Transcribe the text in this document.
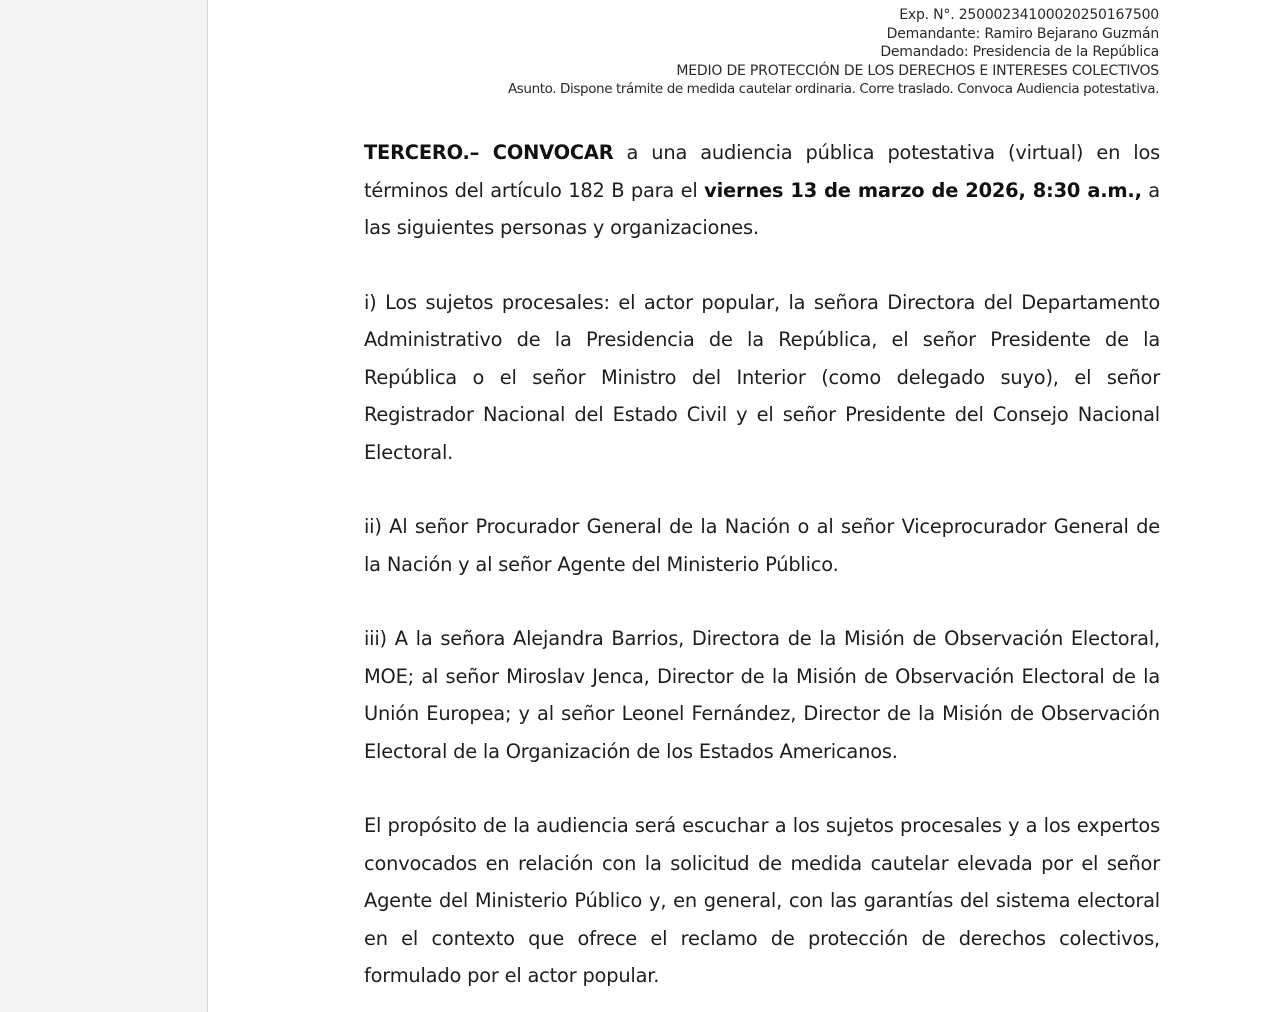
Exp. N°. 25000234100020250167500
Demandante: Ramiro Bejarano Guzmán
Demandado: Presidencia de la República
MEDIO DE PROTECCIÓN DE LOS DERECHOS E INTERESES COLECTIVOS
Asunto. Dispone trámite de medida cautelar ordinaria. Corre traslado. Convoca Audiencia potestativa.

TERCERO.– CONVOCAR a una audiencia pública potestativa (virtual) en los términos del artículo 182 B para el viernes 13 de marzo de 2026, 8:30 a.m., a las siguientes personas y organizaciones.

i) Los sujetos procesales: el actor popular, la señora Directora del Departamento Administrativo de la Presidencia de la República, el señor Presidente de la República o el señor Ministro del Interior (como delegado suyo), el señor Registrador Nacional del Estado Civil y el señor Presidente del Consejo Nacional Electoral.

ii) Al señor Procurador General de la Nación o al señor Viceprocurador General de la Nación y al señor Agente del Ministerio Público.

iii) A la señora Alejandra Barrios, Directora de la Misión de Observación Electoral, MOE; al señor Miroslav Jenca, Director de la Misión de Observación Electoral de la Unión Europea; y al señor Leonel Fernández, Director de la Misión de Observación Electoral de la Organización de los Estados Americanos.

El propósito de la audiencia será escuchar a los sujetos procesales y a los expertos convocados en relación con la solicitud de medida cautelar elevada por el señor Agente del Ministerio Público y, en general, con las garantías del sistema electoral en el contexto que ofrece el reclamo de protección de derechos colectivos, formulado por el actor popular.
